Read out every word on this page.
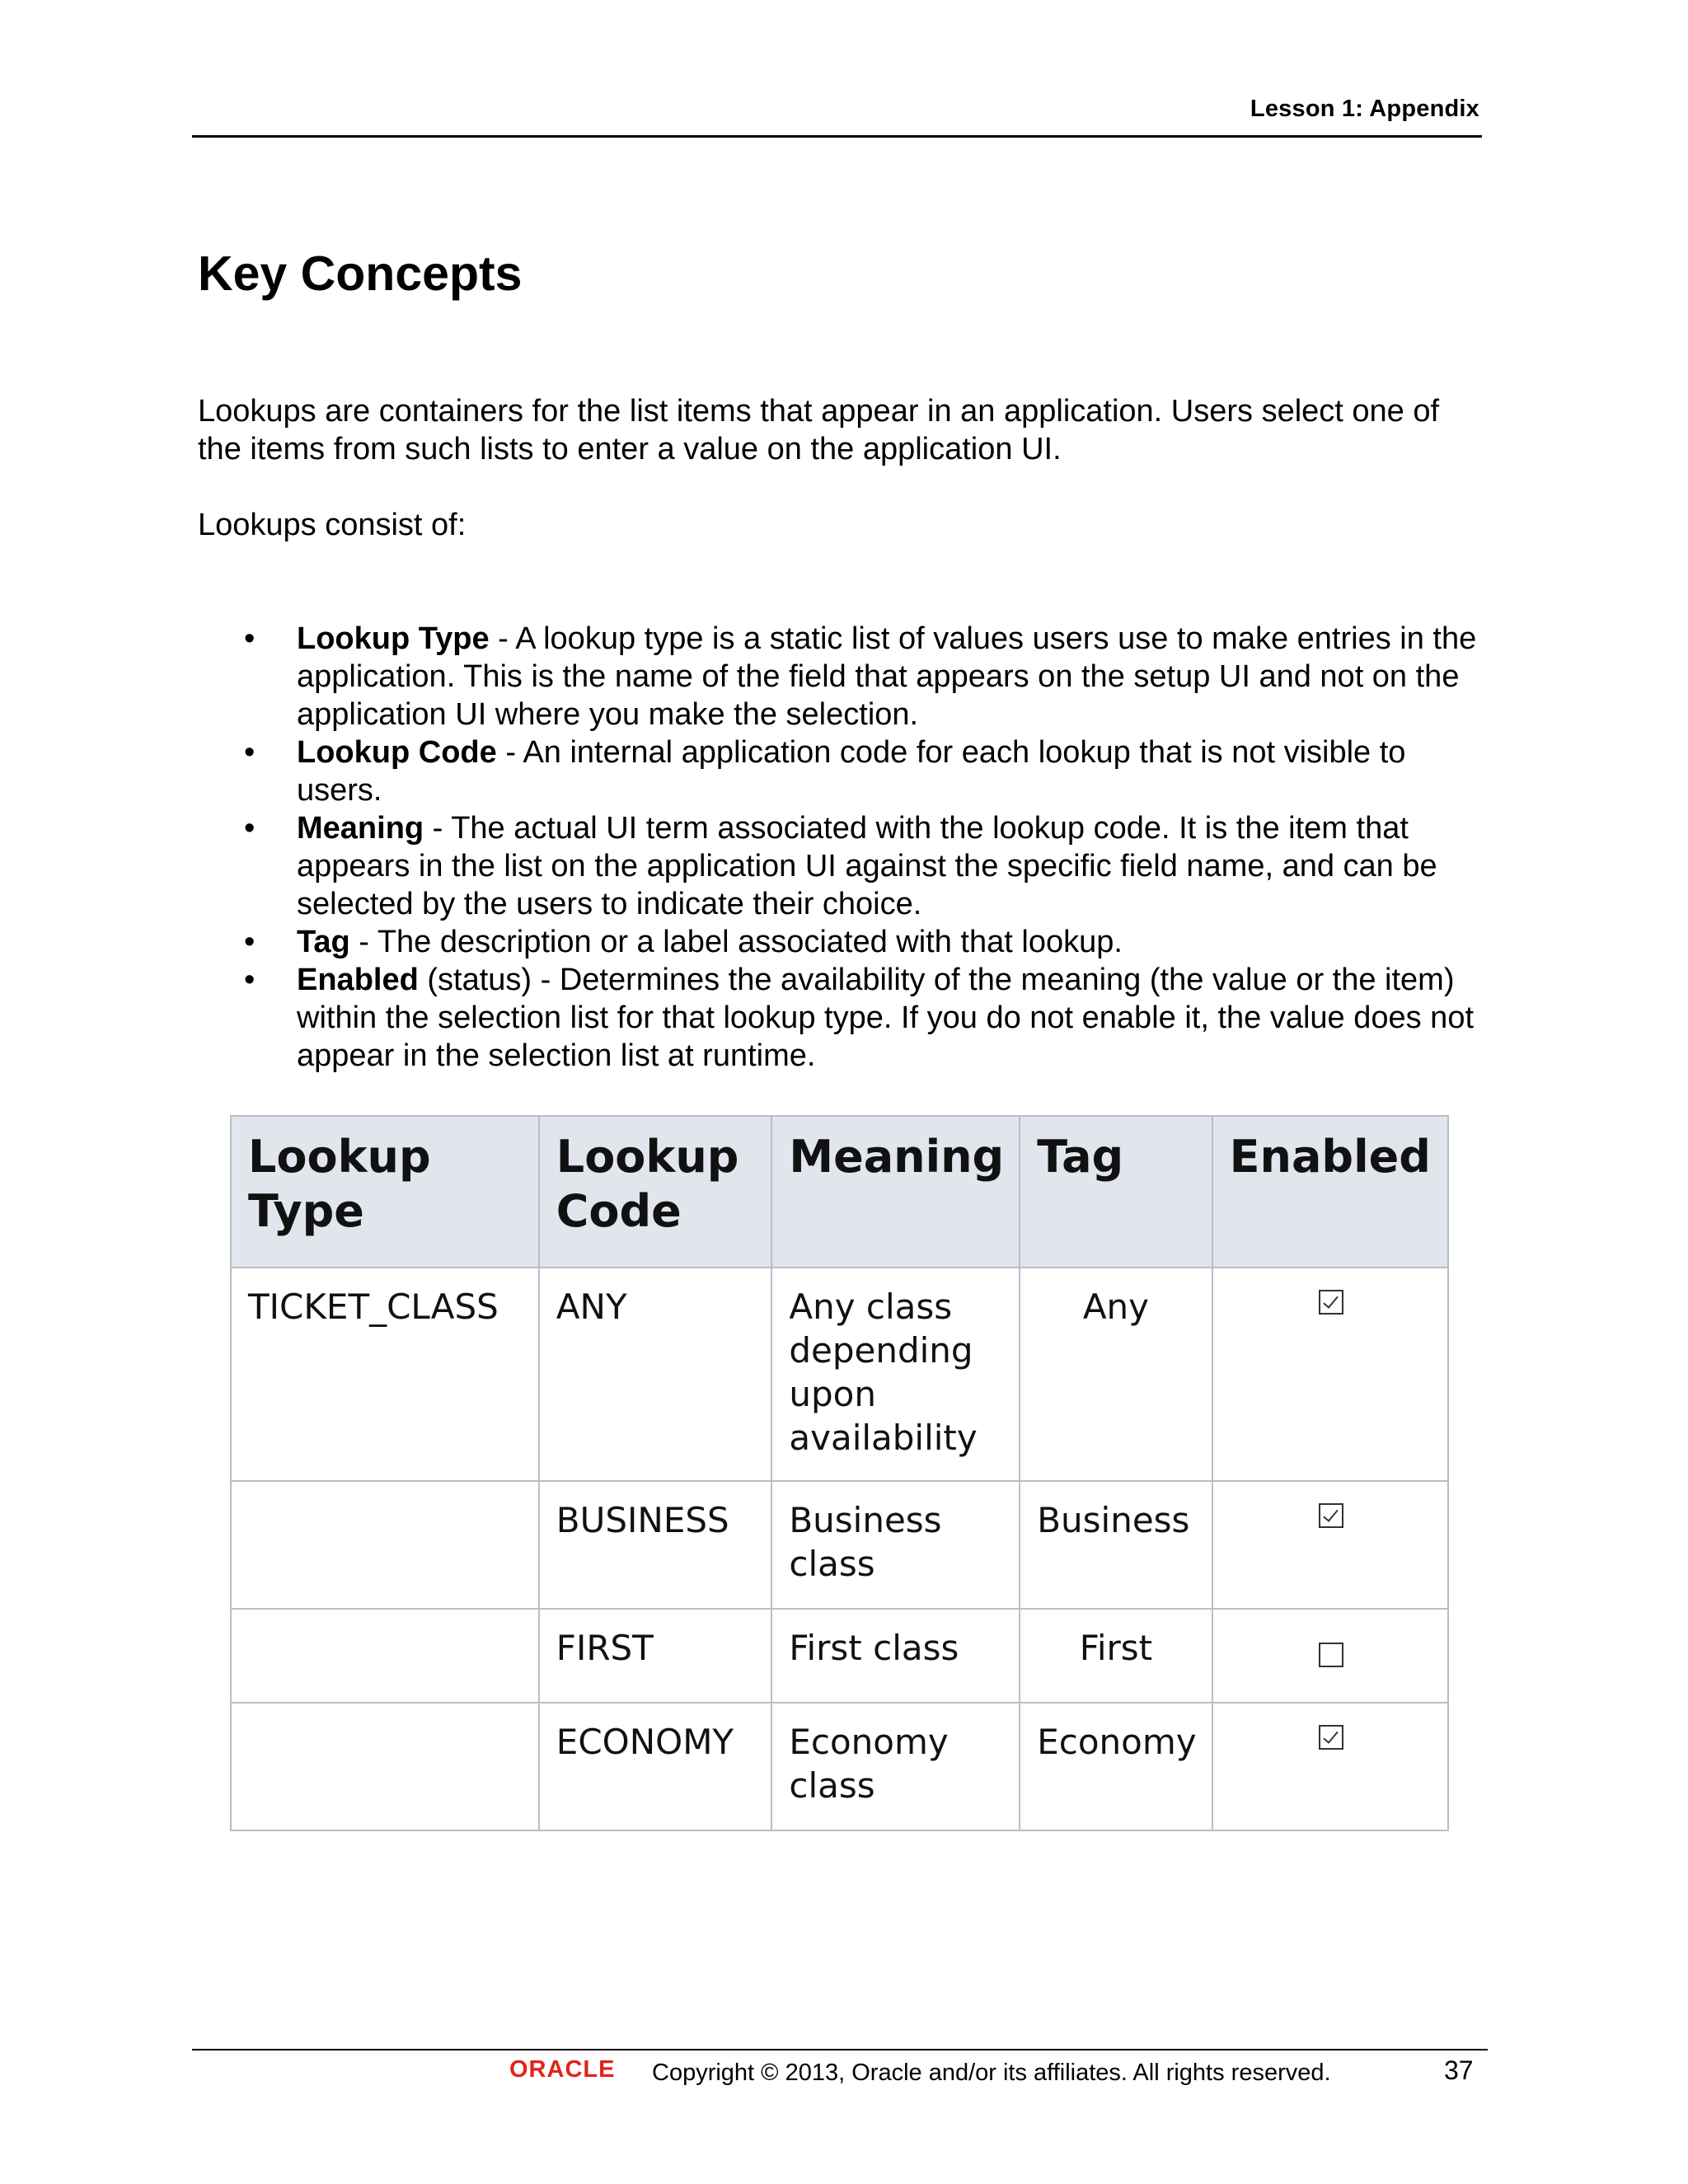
Lesson 1: Appendix
Key Concepts

Lookups are containers for the list items that appear in an application. Users select one of the items from such lists to enter a value on the application UI.

Lookups consist of:

• Lookup Type - A lookup type is a static list of values users use to make entries in the application. This is the name of the field that appears on the setup UI and not on the application UI where you make the selection.
• Lookup Code - An internal application code for each lookup that is not visible to users.
• Meaning - The actual UI term associated with the lookup code. It is the item that appears in the list on the application UI against the specific field name, and can be selected by the users to indicate their choice.
• Tag - The description or a label associated with that lookup.
• Enabled (status) - Determines the availability of the meaning (the value or the item) within the selection list for that lookup type. If you do not enable it, the value does not appear in the selection list at runtime.
Lookup Type	Lookup Code	Meaning	Tag	Enabled
TICKET_CLASS	ANY	Any class depending upon availability	Any	
	BUSINESS	Business class	Business	
	FIRST	First class	First	
	ECONOMY	Economy class	Economy	
ORACLE Copyright © 2013, Oracle and/or its affiliates. All rights reserved.	37
